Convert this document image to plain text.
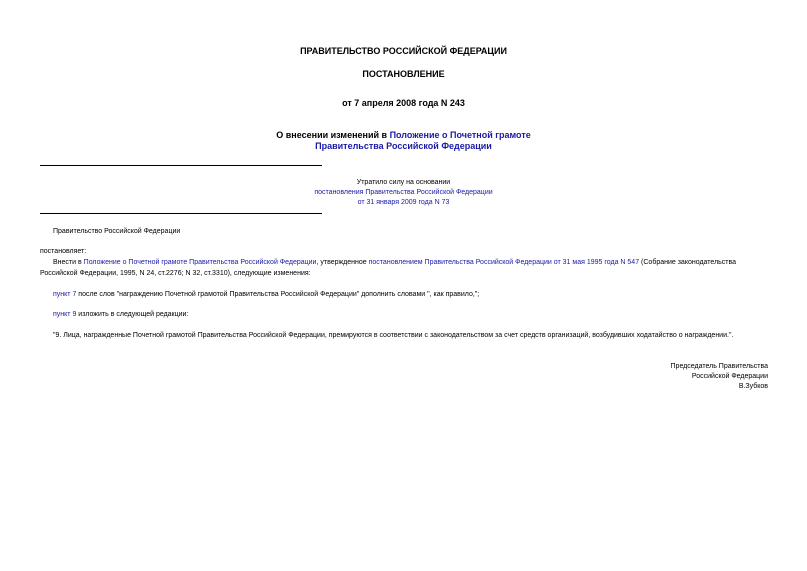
ПРАВИТЕЛЬСТВО РОССИЙСКОЙ ФЕДЕРАЦИИ
ПОСТАНОВЛЕНИЕ
от 7 апреля 2008 года N 243
О внесении изменений в Положение о Почетной грамоте
Правительства Российской Федерации
Утратило силу на основании
постановления Правительства Российской Федерации
от 31 января 2009 года N 73
Правительство Российской Федерации
постановляет:
Внести в Положение о Почетной грамоте Правительства Российской Федерации, утвержденное постановлением Правительства Российской Федерации от 31 мая 1995 года N 547 (Собрание законодательства Российской Федерации, 1995, N 24, ст.2276; N 32, ст.3310), следующие изменения:
пункт 7 после слов "награждению Почетной грамотой Правительства Российской Федерации" дополнить словами ", как правило,";
пункт 9 изложить в следующей редакции:
"9. Лица, награжденные Почетной грамотой Правительства Российской Федерации, премируются в соответствии с законодательством за счет средств организаций, возбудивших ходатайство о награждении.".
Председатель Правительства
Российской Федерации
В.Зубков
